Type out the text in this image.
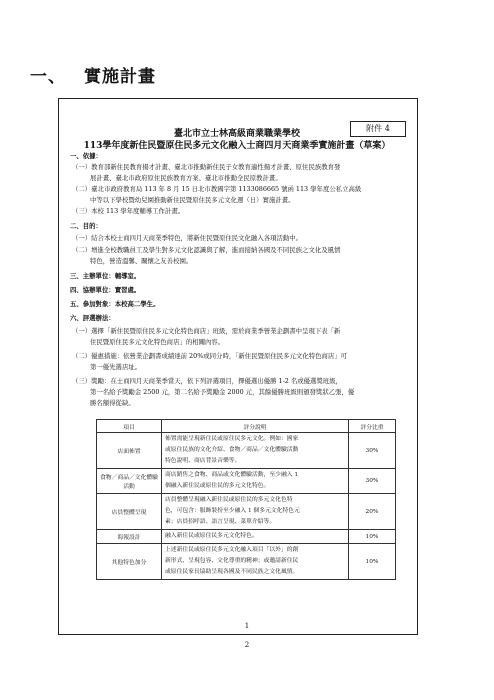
一、 實施計畫
附件 4
臺北市立士林高級商業職業學校
113學年度新住民暨原住民多元文化融入士商四月天商業季實施計畫（草案）
一、依據：
（一）教育部新住民教育揚才計畫、臺北市推動新住民子女教育適性揚才計畫、原住民族教育發
展計畫、臺北市政府原住民族教育方案、臺北市推動全民原教計畫。
（二）臺北市政府教育局 113 年 8 月 15 日北市教國字第 1133086665 號函 113 學年度公私立高級
中等以下學校暨幼兒園推動新住民暨原住民多元文化週（日）實施計畫。
（三）本校 113 學年度輔導工作計畫。
二、目的：
（一）結合本校士商四月天商業季特色，將新住民暨原住民文化融入各項活動中。
（二）增進全校教職員工及學生對多元文化認識與了解，進而接納各國及不同民族之文化及風情
特色，營造溫馨、關懷之友善校園。
三、主辦單位：輔導室。
四、協辦單位：實習處。
五、參加對象：本校高二學生。
六、評選辦法：
（一）選擇「新住民暨原住民多元文化特色商店」班級，需於商業季營業企劃書中呈現下表「新
住民暨原住民多元文化特色商店」的相關內容。
（二）優惠措施：依營業企劃書成績達前 20%或同分時，「新住民暨原住民多元文化特色商店」可
第一優先選店址。
（三）獎勵：在士商四月天商業季當天，依下列評選項目，擇優選出優勝 1-2 名或優選獎班級，
第一名給予獎勵金 2500 元，第二名給予獎勵金 2000 元，其餘優勝班級則頒發獎狀乙張，優
勝名額得從缺。
項目	評分說明	評分比重
店面佈置	佈置需能呈現新住民或原住民多元文化。例如：國家
或原住民族的文化介紹、食物／商品／文化體驗活動
特色說明、商店背景音樂等。	30%
食物／商品／文化體驗活動	商店銷售之食物、商品或文化體驗活動，至少融入 1
個融入新住民或原住民的多元文化特色。	30%
店員整體呈現	店員整體呈現融入新住民或原住民的多元文化色特
色，可包含：服飾裝扮至少融入 1 個多元文化特色元
素；店員招呼語、語言呈現、菜單介紹等。	20%
海報設計	融入新住民或原住民多元文化特色。	10%
其他特色加分	上述新住民或原住民多元文化融入項目「以外」的創
新形式，呈現包容、文化尊重的精神；或邀請新住民
或原住民家長協助呈現各國及不同民族之文化風情。	10%
1
2
